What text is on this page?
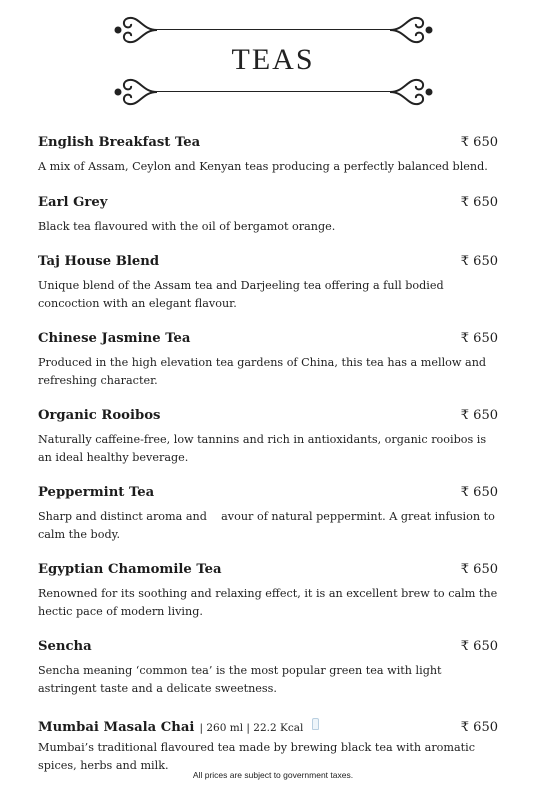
TEAS
English Breakfast Tea	₹ 650
A mix of Assam, Ceylon and Kenyan teas producing a perfectly balanced blend.
Earl Grey	₹ 650
Black tea flavoured with the oil of bergamot orange.
Taj House Blend	₹ 650
Unique blend of the Assam tea and Darjeeling tea offering a full bodied concoction with an elegant flavour.
Chinese Jasmine Tea	₹ 650
Produced in the high elevation tea gardens of China, this tea has a mellow and refreshing character.
Organic Rooibos	₹ 650
Naturally caffeine-free, low tannins and rich in antioxidants, organic rooibos is an ideal healthy beverage.
Peppermint Tea	₹ 650
Sharp and distinct aroma and    avour of natural peppermint. A great infusion to calm the body.
Egyptian Chamomile Tea	₹ 650
Renowned for its soothing and relaxing effect, it is an excellent brew to calm the hectic pace of modern living.
Sencha	₹ 650
Sencha meaning ‘common tea’ is the most popular green tea with light astringent taste and a delicate sweetness.
Mumbai Masala Chai | 260 ml | 22.2 Kcal	₹ 650
Mumbai’s traditional flavoured tea made by brewing black tea with aromatic spices, herbs and milk.
All prices are subject to government taxes.
